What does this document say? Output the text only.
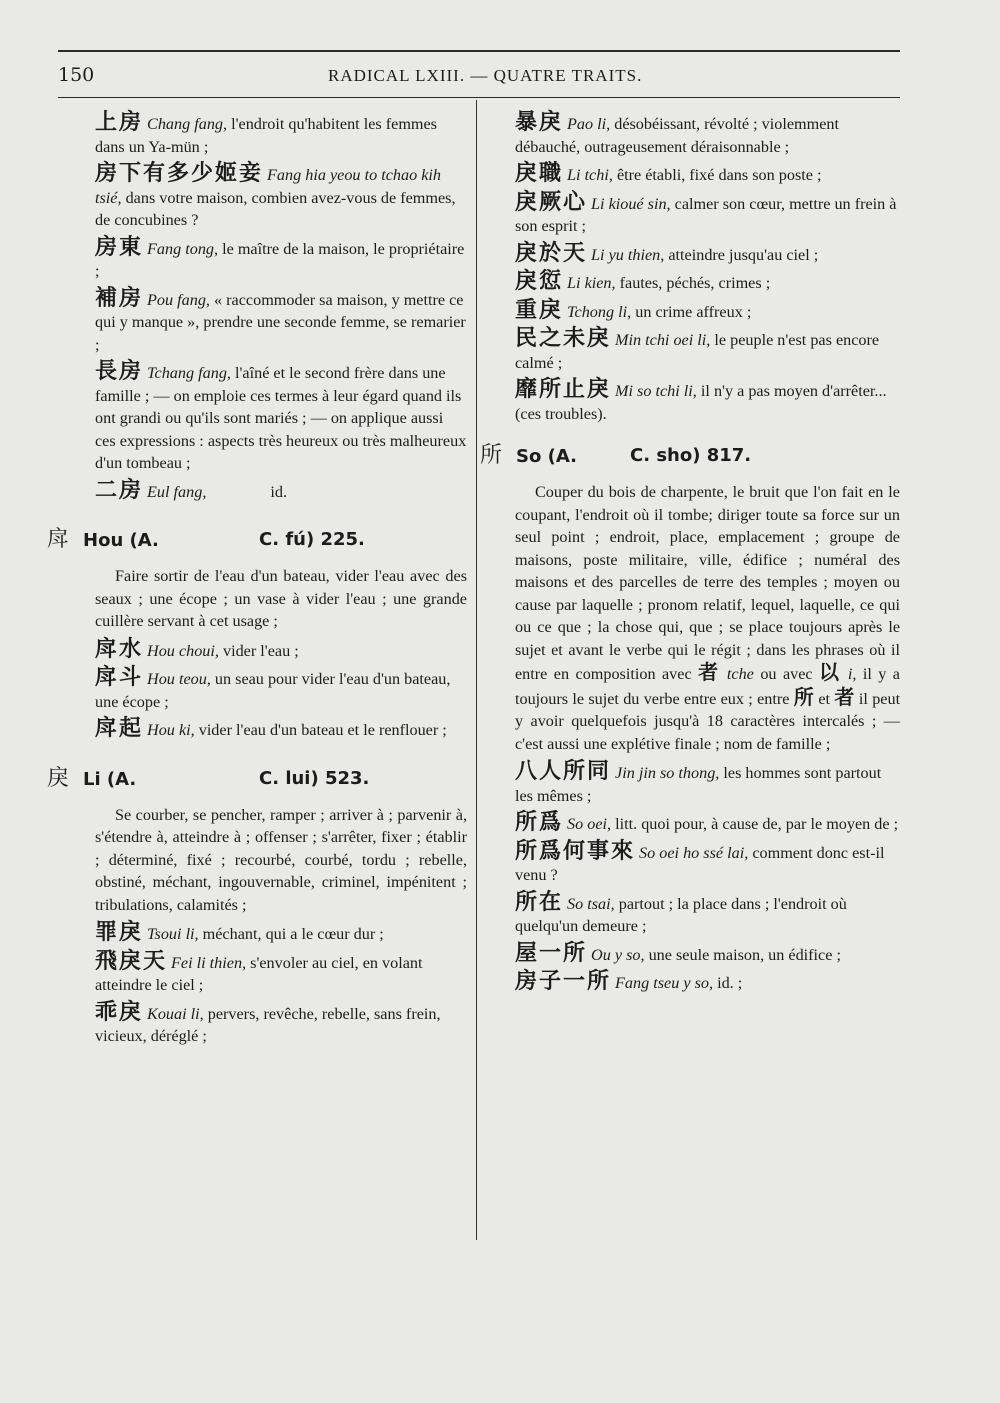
150	RADICAL LXIII. — QUATRE TRAITS.

上房 Chang fang, l'endroit qu'habitent les femmes dans un Ya-mün ;

房下有多少姬妾 Fang hia yeou to tchao kih tsié, dans votre maison, combien avez-vous de femmes, de concubines ?

房東 Fang tong, le maître de la maison, le propriétaire ;

補房 Pou fang, « raccommoder sa maison, y mettre ce qui y manque », prendre une seconde femme, se remarier ;

長房 Tchang fang, l'aîné et le second frère dans une famille ; — on emploie ces termes à leur égard quand ils ont grandi ou qu'ils sont mariés ; — on applique aussi ces expressions : aspects très heureux ou très malheureux d'un tombeau ;

二房 Eul fang,	id.

戽 Hou (A.	C. fú) 225.

Faire sortir de l'eau d'un bateau, vider l'eau avec des seaux ; une écope ; un vase à vider l'eau ; une grande cuillère servant à cet usage ;

戽水 Hou choui, vider l'eau ;

戽斗 Hou teou, un seau pour vider l'eau d'un bateau, une écope ;

戽起 Hou ki, vider l'eau d'un bateau et le renflouer ;

戾 Li (A.	C. lui) 523.

Se courber, se pencher, ramper ; arriver à ; parvenir à, s'étendre à, atteindre à ; offenser ; s'arrêter, fixer ; établir ; déterminé, fixé ; recourbé, courbé, tordu ; rebelle, obstiné, méchant, ingouvernable, criminel, impénitent ; tribulations, calamités ;

罪戾 Tsoui li, méchant, qui a le cœur dur ;

飛戾天 Fei li thien, s'envoler au ciel, en volant atteindre le ciel ;

乖戾 Kouai li, pervers, revêche, rebelle, sans frein, vicieux, déréglé ;

暴戾 Pao li, désobéissant, révolté ; violemment débauché, outrageusement déraisonnable ;

戾職 Li tchi, être établi, fixé dans son poste ;

戾厥心 Li kioué sin, calmer son cœur, mettre un frein à son esprit ;

戾於天 Li yu thien, atteindre jusqu'au ciel ;

戾愆 Li kien, fautes, péchés, crimes ;

重戾 Tchong li, un crime affreux ;

民之未戾 Min tchi oei li, le peuple n'est pas encore calmé ;

靡所止戾 Mi so tchi li, il n'y a pas moyen d'arrêter... (ces troubles).

所 So (A.	C. sho) 817.

Couper du bois de charpente, le bruit que l'on fait en le coupant, l'endroit où il tombe; diriger toute sa force sur un seul point ; endroit, place, emplacement ; groupe de maisons, poste militaire, ville, édifice ; numéral des maisons et des parcelles de terre des temples ; moyen ou cause par laquelle ; pronom relatif, lequel, laquelle, ce qui ou ce que ; la chose qui, que ; se place toujours après le sujet et avant le verbe qui le régit ; dans les phrases où il entre en composition avec 者 tche ou avec 以 i, il y a toujours le sujet du verbe entre eux ; entre 所 et 者 il peut y avoir quelquefois jusqu'à 18 caractères intercalés ; — c'est aussi une explétive finale ; nom de famille ;

八人所同 Jin jin so thong, les hommes sont partout les mêmes ;

所爲 So oei, litt. quoi pour, à cause de, par le moyen de ;

所爲何事來 So oei ho ssé lai, comment donc est-il venu ?

所在 So tsai, partout ; la place dans ; l'endroit où quelqu'un demeure ;

屋一所 Ou y so, une seule maison, un édifice ;

房子一所 Fang tseu y so, id. ;
